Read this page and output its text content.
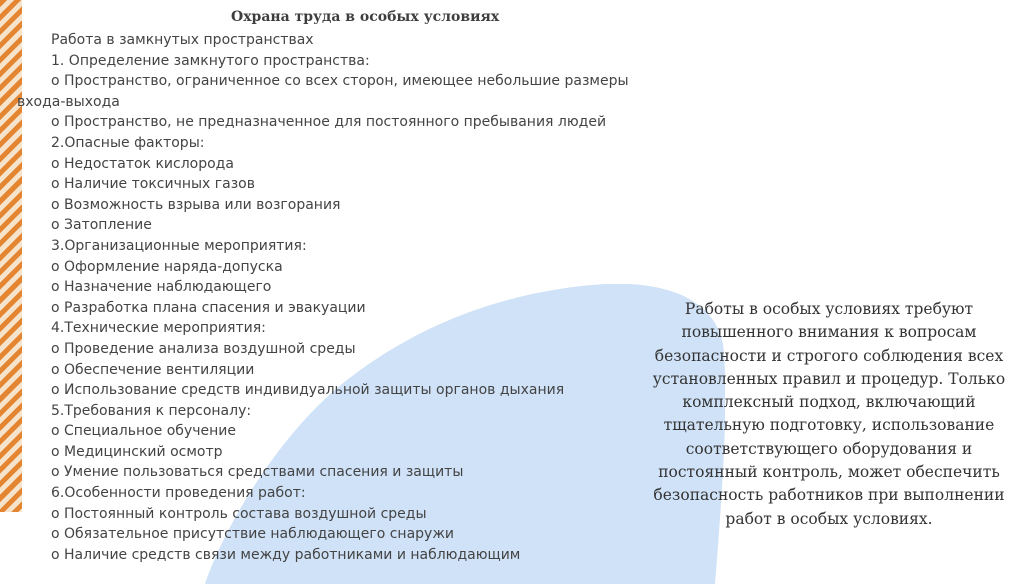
Охрана труда в особых условиях
Работа в замкнутых пространствах
1. Определение замкнутого пространства:
o Пространство, ограниченное со всех сторон, имеющее небольшие размеры
входа-выхода
o Пространство, не предназначенное для постоянного пребывания людей
2.Опасные факторы:
o Недостаток кислорода
o Наличие токсичных газов
o Возможность взрыва или возгорания
o Затопление
3.Организационные мероприятия:
o Оформление наряда-допуска
o Назначение наблюдающего
o Разработка плана спасения и эвакуации
4.Технические мероприятия:
o Проведение анализа воздушной среды
o Обеспечение вентиляции
o Использование средств индивидуальной защиты органов дыхания
5.Требования к персоналу:
o Специальное обучение
o Медицинский осмотр
o Умение пользоваться средствами спасения и защиты
6.Особенности проведения работ:
o Постоянный контроль состава воздушной среды
o Обязательное присутствие наблюдающего снаружи
o Наличие средств связи между работниками и наблюдающим

Работы в особых условиях требуют повышенного внимания к вопросам безопасности и строгого соблюдения всех установленных правил и процедур. Только комплексный подход, включающий тщательную подготовку, использование соответствующего оборудования и постоянный контроль, может обеспечить безопасность работников при выполнении работ в особых условиях.
